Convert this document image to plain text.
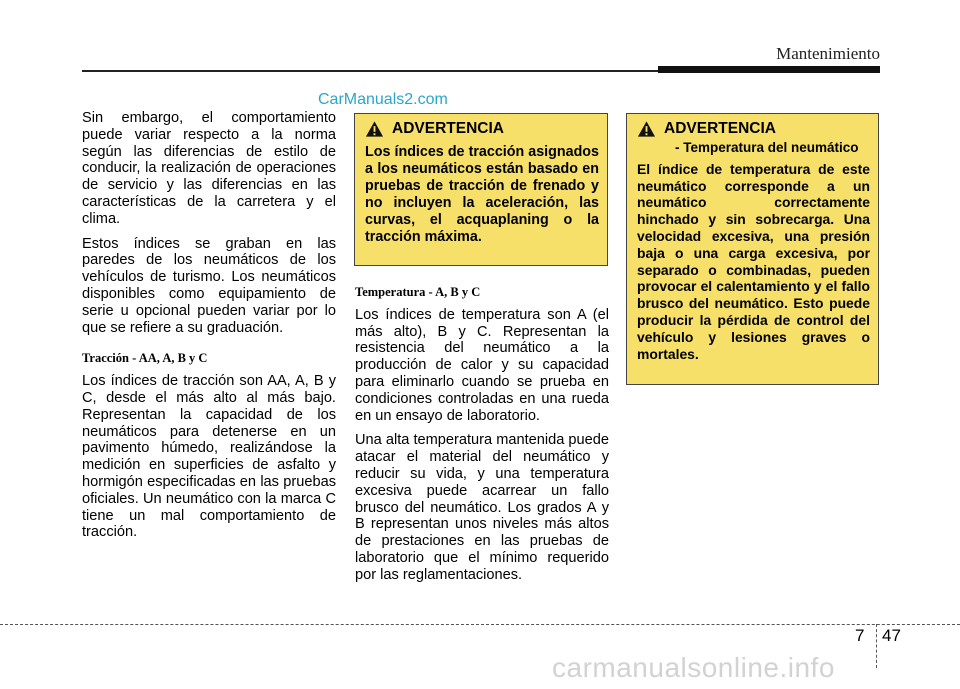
Mantenimiento
CarManuals2.com

Sin embargo, el comportamiento puede variar respecto a la norma según las diferencias de estilo de conducir, la realización de operaciones de servicio y las diferencias en las características de la carretera y el clima.

Estos índices se graban en las paredes de los neumáticos de los vehículos de turismo. Los neumáticos disponibles como equipamiento de serie u opcional pueden variar por lo que se refiere a su graduación.

Tracción - AA, A, B y C

Los índices de tracción son AA, A, B y C, desde el más alto al más bajo. Representan la capacidad de los neumáticos para detenerse en un pavimento húmedo, realizándose la medición en superficies de asfalto y hormigón especificadas en las pruebas oficiales. Un neumático con la marca C tiene un mal comportamiento de tracción.

ADVERTENCIA
Los índices de tracción asignados a los neumáticos están basado en pruebas de tracción de frenado y no incluyen la aceleración, las curvas, el acquaplaning o la tracción máxima.

Temperatura - A, B y C

Los índices de temperatura son A (el más alto), B y C. Representan la resistencia del neumático a la producción de calor y su capacidad para eliminarlo cuando se prueba en condiciones controladas en una rueda en un ensayo de laboratorio.

Una alta temperatura mantenida puede atacar el material del neumático y reducir su vida, y una temperatura excesiva puede acarrear un fallo brusco del neumático. Los grados A y B representan unos niveles más altos de prestaciones en las pruebas de laboratorio que el mínimo requerido por las reglamentaciones.

ADVERTENCIA
- Temperatura del neumático
El índice de temperatura de este neumático corresponde a un neumático correctamente hinchado y sin sobrecarga. Una velocidad excesiva, una presión baja o una carga excesiva, por separado o combinadas, pueden provocar el calentamiento y el fallo brusco del neumático. Esto puede producir la pérdida de control del vehículo y lesiones graves o mortales.
7 47
carmanualsonline.info
